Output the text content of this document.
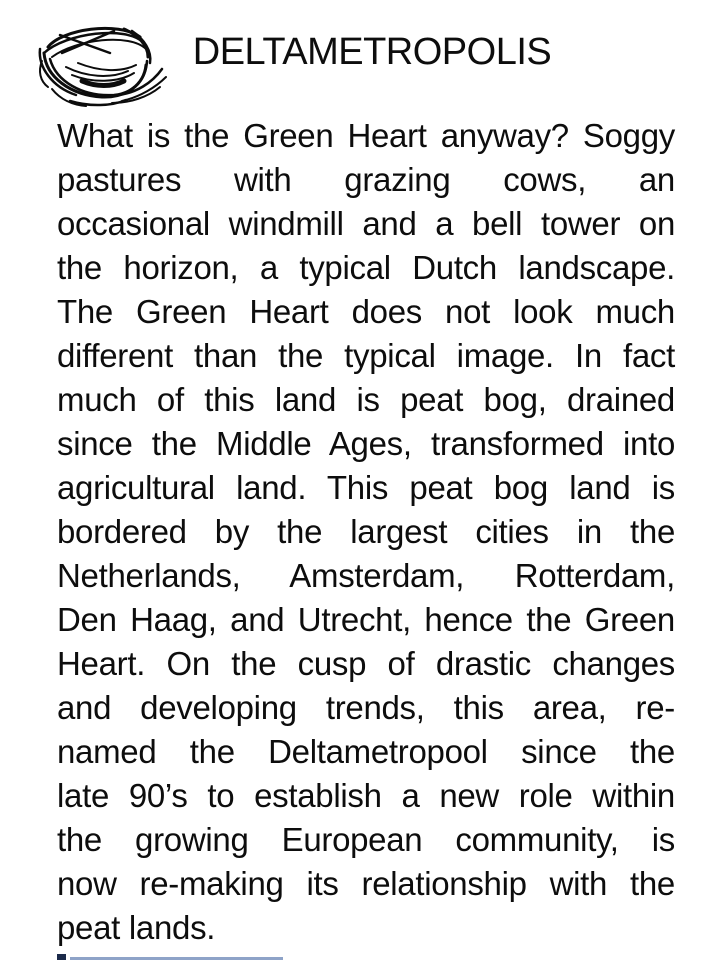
DELTAMETROPOLIS
What is the Green Heart anyway? Soggy
pastures with grazing cows, an
occasional windmill and a bell tower on
the horizon, a typical Dutch landscape.
The Green Heart does not look much
different than the typical image. In fact
much of this land is peat bog, drained
since the Middle Ages, transformed into
agricultural land. This peat bog land is
bordered by the largest cities in the
Netherlands, Amsterdam, Rotterdam,
Den Haag, and Utrecht, hence the Green
Heart. On the cusp of drastic changes
and developing trends, this area, re-
named the Deltametropool since the
late 90’s to establish a new role within
the growing European community, is
now re-making its relationship with the
peat lands.
